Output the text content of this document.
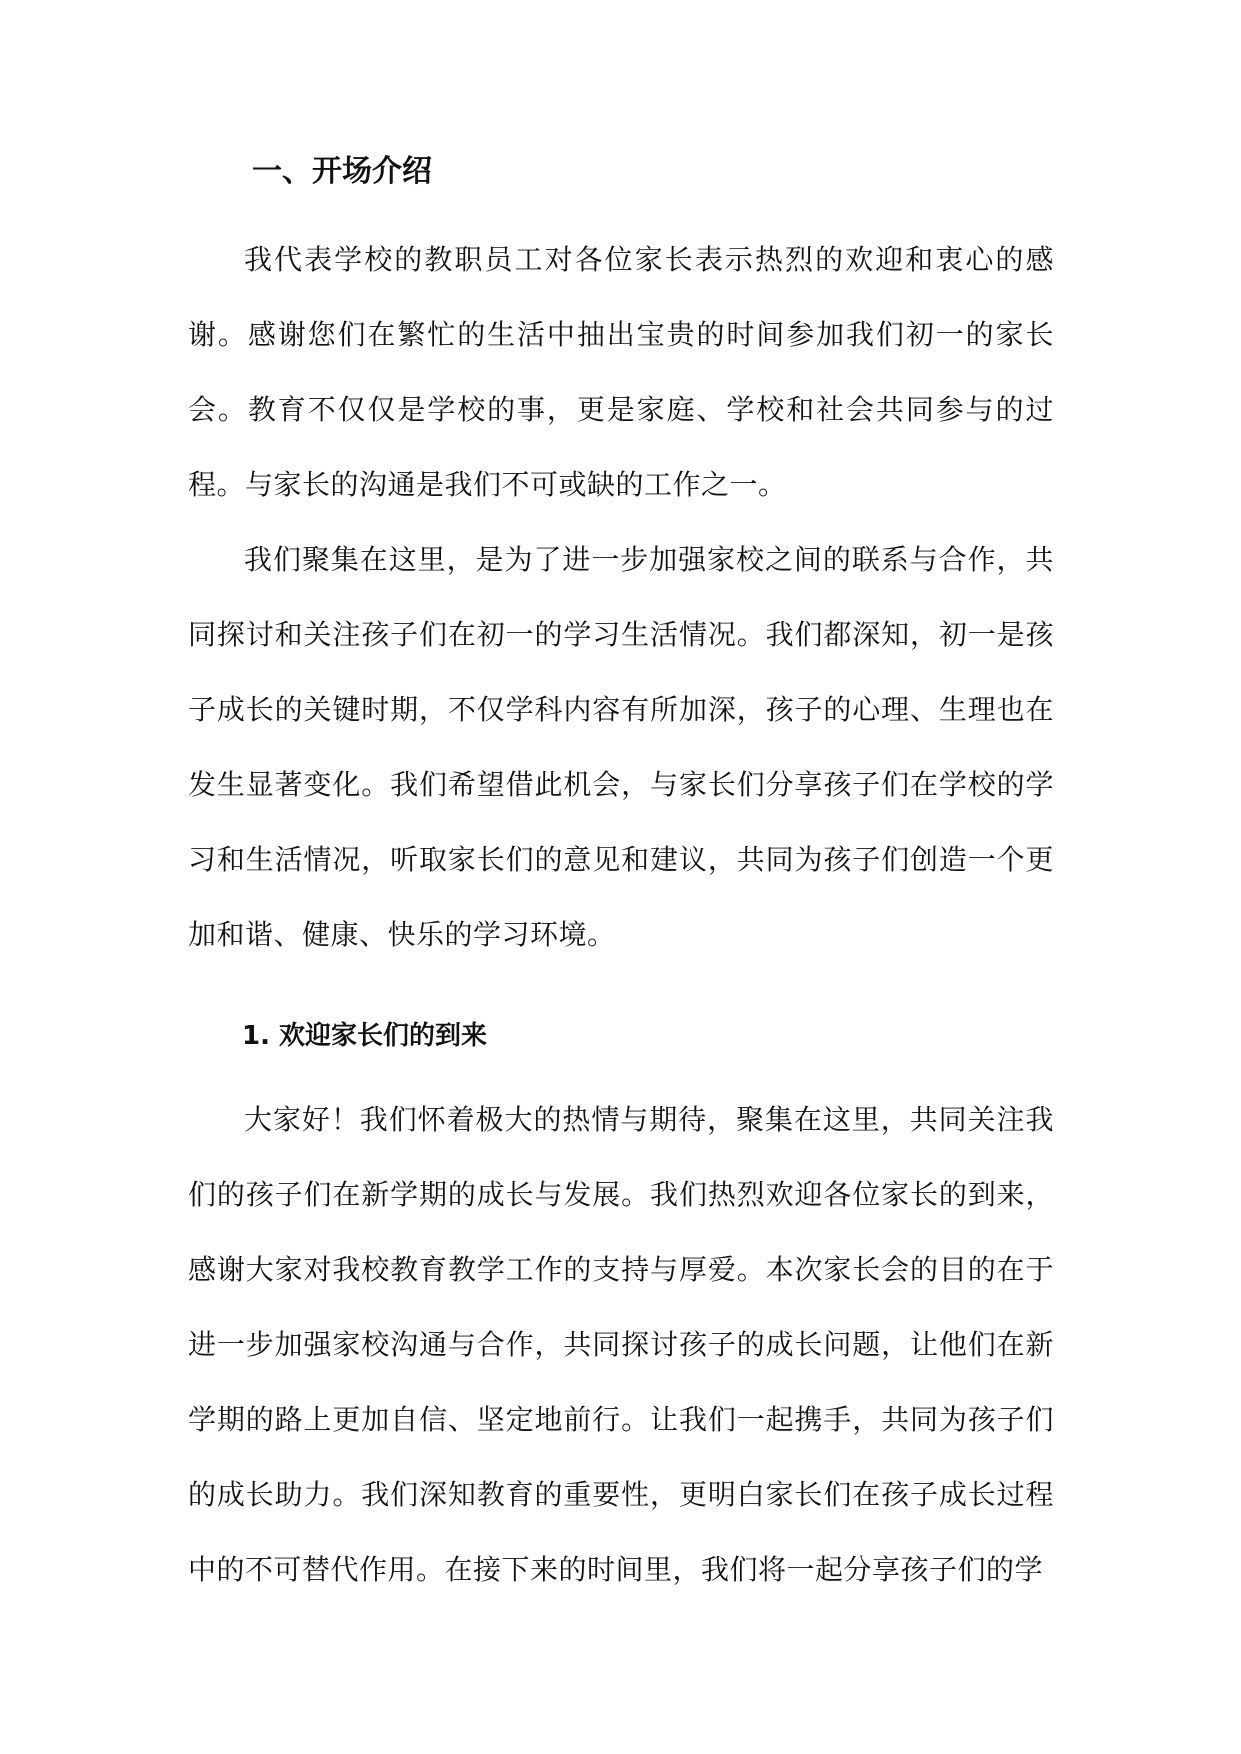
一、开场介绍

我代表学校的教职员工对各位家长表示热烈的欢迎和衷心的感谢。感谢您们在繁忙的生活中抽出宝贵的时间参加我们初一的家长会。教育不仅仅是学校的事，更是家庭、学校和社会共同参与的过程。与家长的沟通是我们不可或缺的工作之一。

我们聚集在这里，是为了进一步加强家校之间的联系与合作，共同探讨和关注孩子们在初一的学习生活情况。我们都深知，初一是孩子成长的关键时期，不仅学科内容有所加深，孩子的心理、生理也在发生显著变化。我们希望借此机会，与家长们分享孩子们在学校的学习和生活情况，听取家长们的意见和建议，共同为孩子们创造一个更加和谐、健康、快乐的学习环境。

1. 欢迎家长们的到来

大家好！我们怀着极大的热情与期待，聚集在这里，共同关注我们的孩子们在新学期的成长与发展。我们热烈欢迎各位家长的到来，感谢大家对我校教育教学工作的支持与厚爱。本次家长会的目的在于进一步加强家校沟通与合作，共同探讨孩子的成长问题，让他们在新学期的路上更加自信、坚定地前行。让我们一起携手，共同为孩子们的成长助力。我们深知教育的重要性，更明白家长们在孩子成长过程中的不可替代作用。在接下来的时间里，我们将一起分享孩子们的学
